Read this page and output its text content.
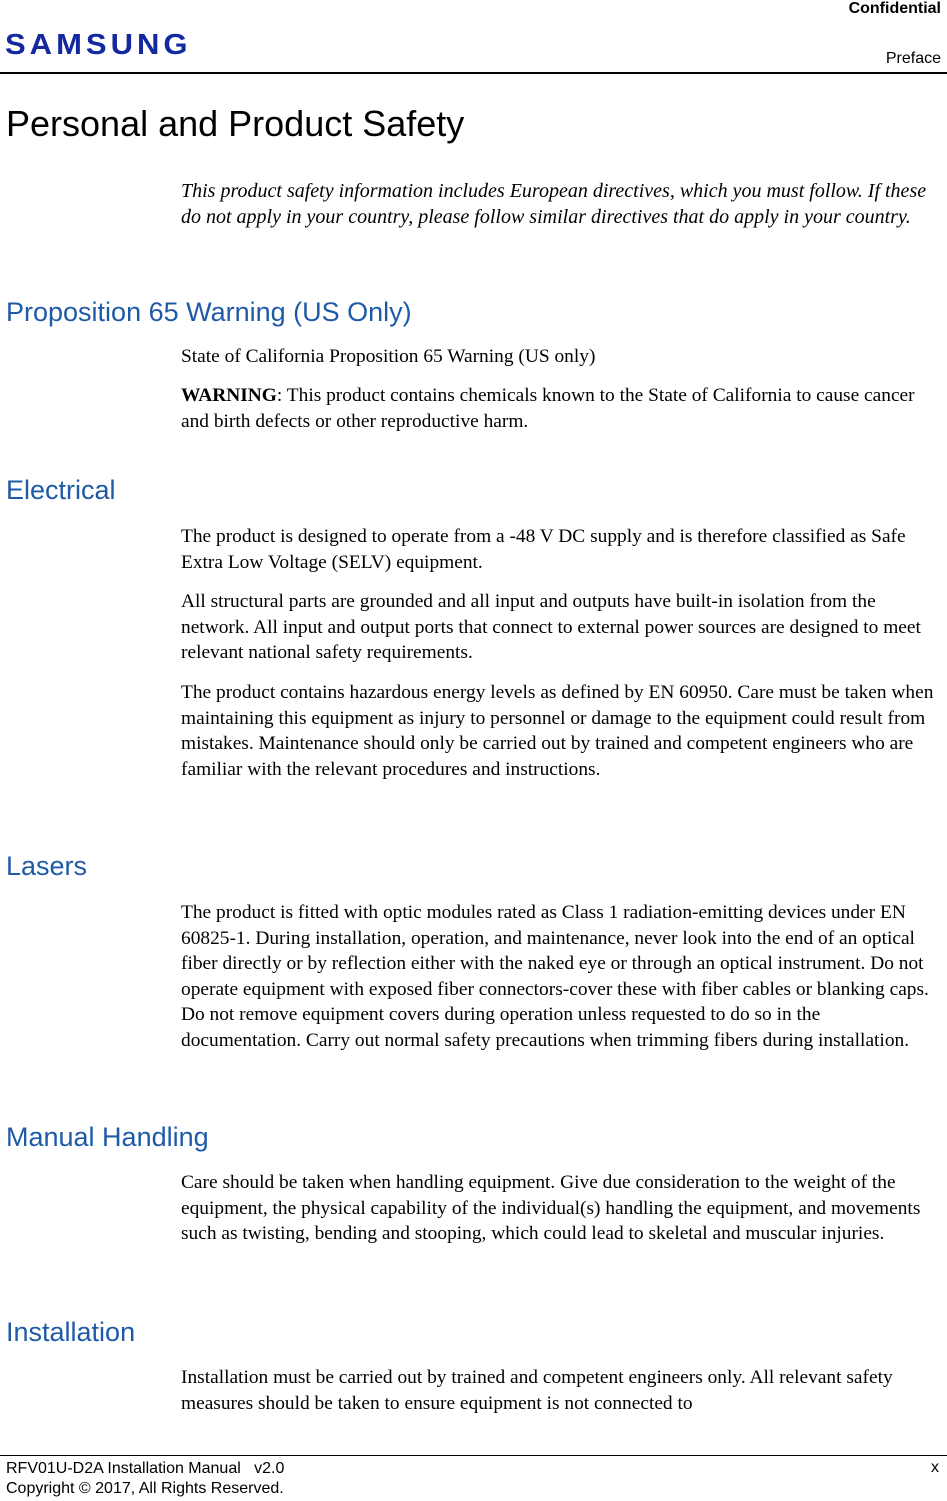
Confidential
SAMSUNG	Preface
Personal and Product Safety

This product safety information includes European directives, which you must follow. If these do not apply in your country, please follow similar directives that do apply in your country.

Proposition 65 Warning (US Only)

State of California Proposition 65 Warning (US only)

WARNING: This product contains chemicals known to the State of California to cause cancer and birth defects or other reproductive harm.

Electrical

The product is designed to operate from a -48 V DC supply and is therefore classified as Safe Extra Low Voltage (SELV) equipment.

All structural parts are grounded and all input and outputs have built-in isolation from the network. All input and output ports that connect to external power sources are designed to meet relevant national safety requirements.

The product contains hazardous energy levels as defined by EN 60950. Care must be taken when maintaining this equipment as injury to personnel or damage to the equipment could result from mistakes. Maintenance should only be carried out by trained and competent engineers who are familiar with the relevant procedures and instructions.

Lasers

The product is fitted with optic modules rated as Class 1 radiation-emitting devices under EN 60825-1. During installation, operation, and maintenance, never look into the end of an optical fiber directly or by reflection either with the naked eye or through an optical instrument. Do not operate equipment with exposed fiber connectors-cover these with fiber cables or blanking caps. Do not remove equipment covers during operation unless requested to do so in the documentation. Carry out normal safety precautions when trimming fibers during installation.

Manual Handling

Care should be taken when handling equipment. Give due consideration to the weight of the equipment, the physical capability of the individual(s) handling the equipment, and movements such as twisting, bending and stooping, which could lead to skeletal and muscular injuries.

Installation

Installation must be carried out by trained and competent engineers only. All relevant safety measures should be taken to ensure equipment is not connected to

RFV01U-D2A Installation Manual   v2.0
Copyright © 2017, All Rights Reserved.
x
